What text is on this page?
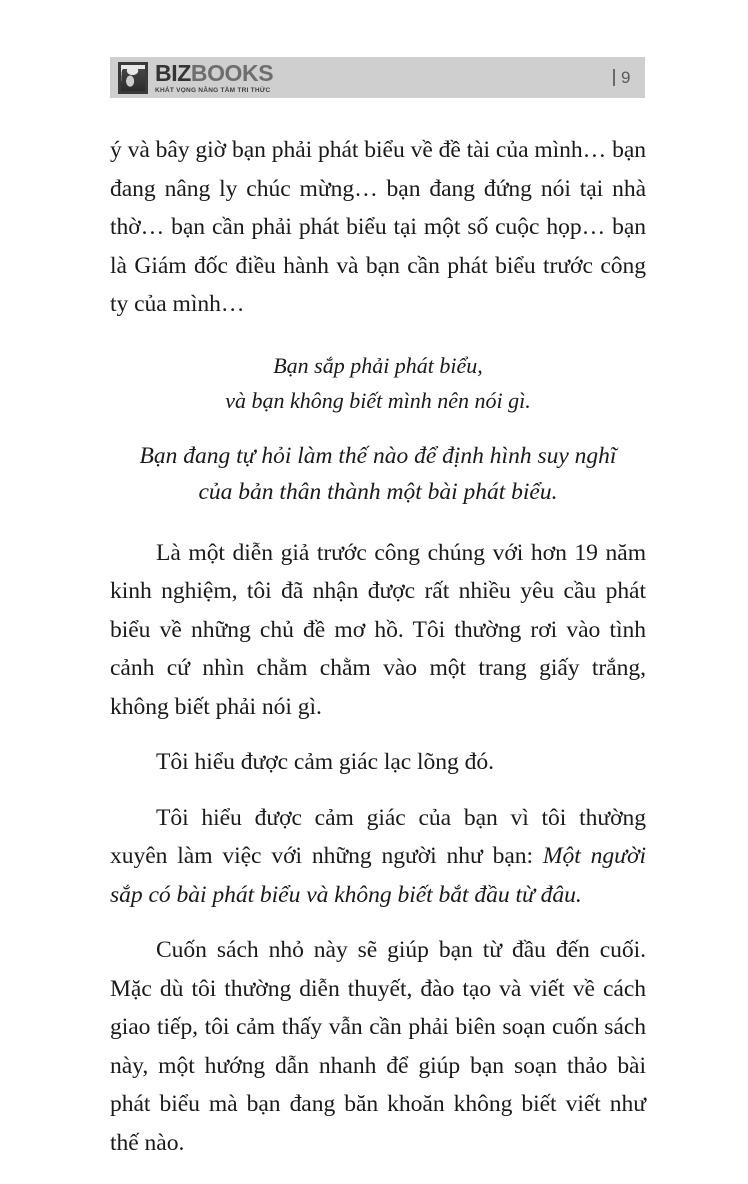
BIZBOOKS
KHÁT VỌNG NÂNG TẦM TRI THỨC
9

ý và bây giờ bạn phải phát biểu về đề tài của mình… bạn đang nâng ly chúc mừng… bạn đang đứng nói tại nhà thờ… bạn cần phải phát biểu tại một số cuộc họp… bạn là Giám đốc điều hành và bạn cần phát biểu trước công ty của mình…

Bạn sắp phải phát biểu,
và bạn không biết mình nên nói gì.
Bạn đang tự hỏi làm thế nào để định hình suy nghĩ
của bản thân thành một bài phát biểu.

Là một diễn giả trước công chúng với hơn 19 năm kinh nghiệm, tôi đã nhận được rất nhiều yêu cầu phát biểu về những chủ đề mơ hồ. Tôi thường rơi vào tình cảnh cứ nhìn chằm chằm vào một trang giấy trắng, không biết phải nói gì.

Tôi hiểu được cảm giác lạc lõng đó.

Tôi hiểu được cảm giác của bạn vì tôi thường xuyên làm việc với những người như bạn: Một người sắp có bài phát biểu và không biết bắt đầu từ đâu.

Cuốn sách nhỏ này sẽ giúp bạn từ đầu đến cuối. Mặc dù tôi thường diễn thuyết, đào tạo và viết về cách giao tiếp, tôi cảm thấy vẫn cần phải biên soạn cuốn sách này, một hướng dẫn nhanh để giúp bạn soạn thảo bài phát biểu mà bạn đang băn khoăn không biết viết như thế nào.
